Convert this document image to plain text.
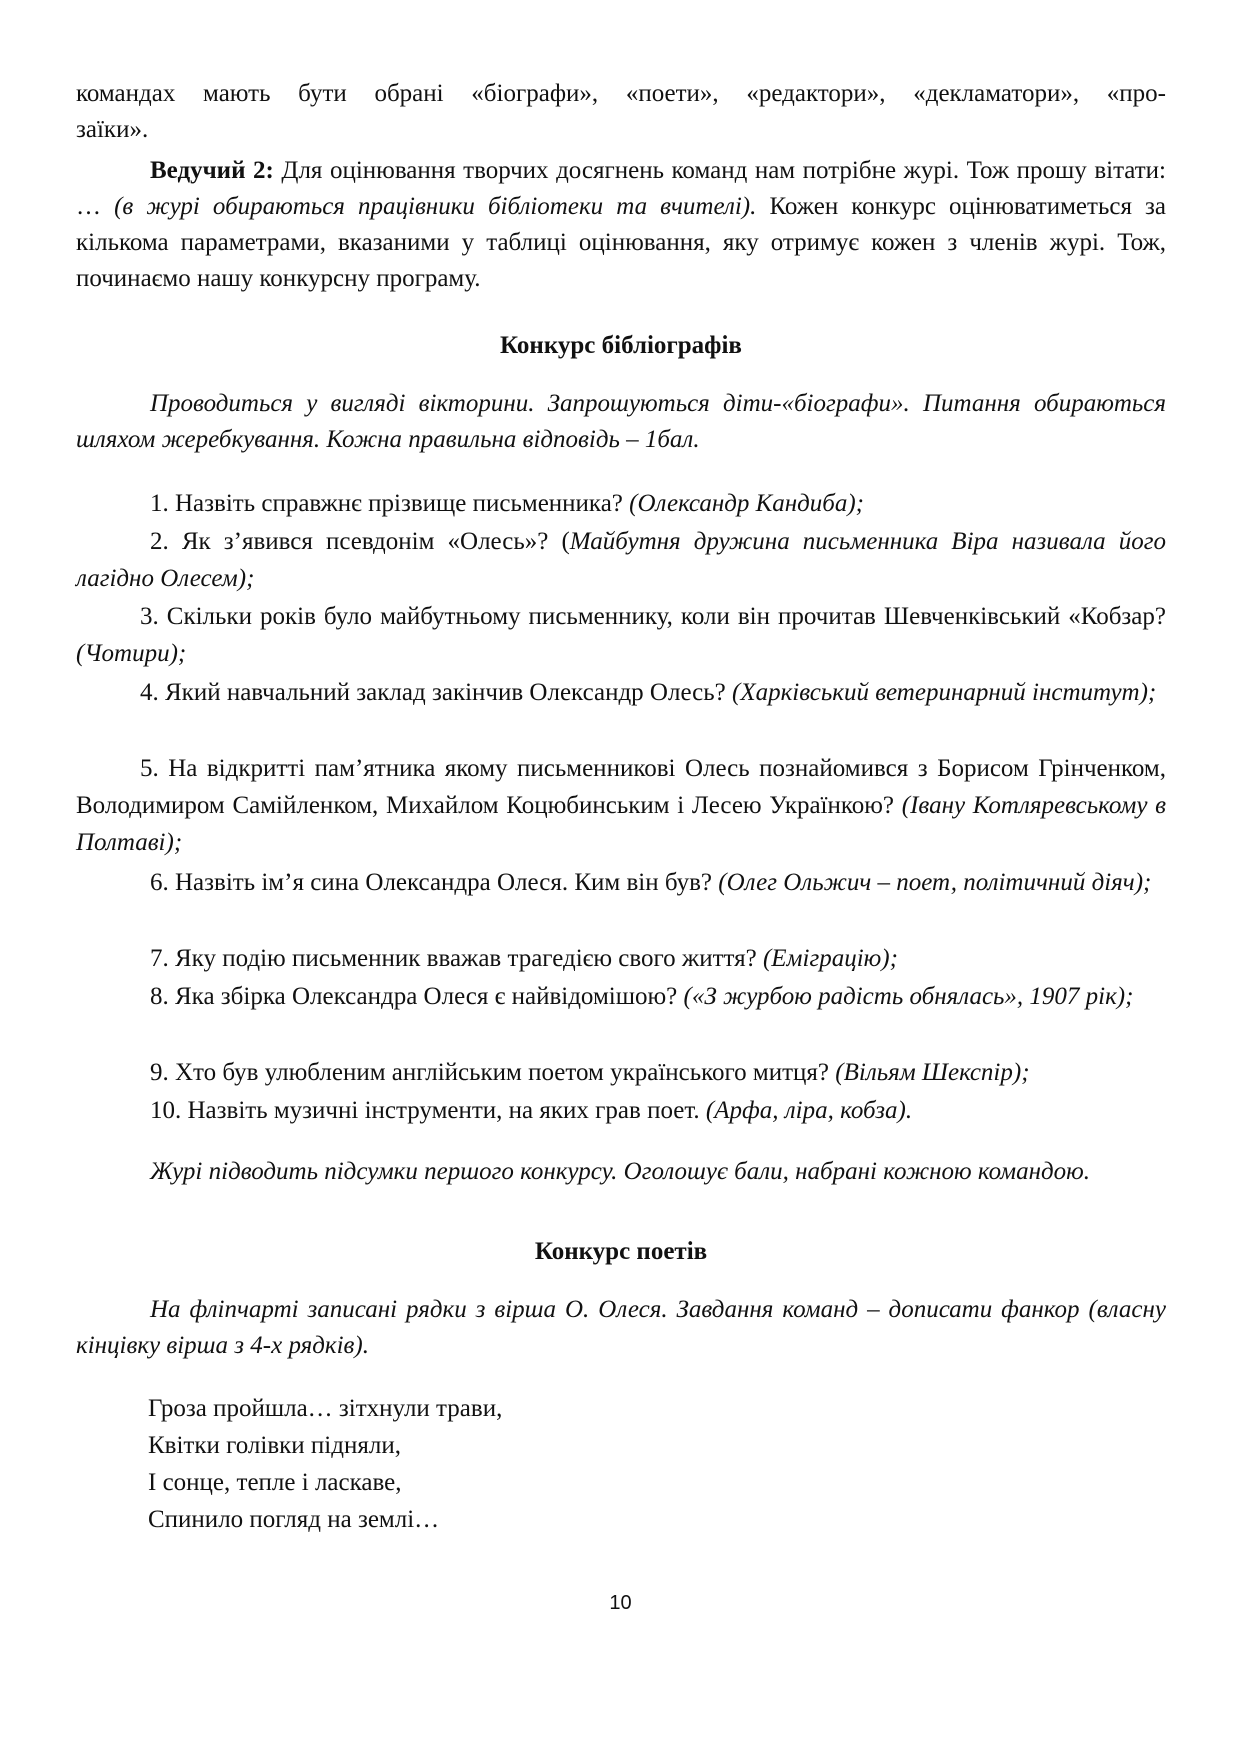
командах мають бути обрані «біографи», «поети», «редактори», «декламатори», «про-
заїки».
Ведучий 2: Для оцінювання творчих досягнень команд нам потрібне журі. Тож прошу вітати: … (в журі обираються працівники бібліотеки та вчителі). Кожен конкурс оцінюватиметься за кількома параметрами, вказаними у таблиці оцінювання, яку отримує кожен з членів журі. Тож, починаємо нашу конкурсну програму.
Конкурс бібліографів
Проводиться у вигляді вікторини. Запрошуються діти-«біографи». Питання обираються шляхом жеребкування. Кожна правильна відповідь – 1бал.
1. Назвіть справжнє прізвище письменника? (Олександр Кандиба);
2. Як з’явився псевдонім «Олесь»? (Майбутня дружина письменника Віра називала його лагідно Олесем);
3. Скільки років було майбутньому письменнику, коли він прочитав Шевченківський «Кобзар? (Чотири);
4. Який навчальний заклад закінчив Олександр Олесь? (Харківський ветеринарний інститут);
5. На відкритті пам’ятника якому письменникові Олесь познайомився з Борисом Грінченком, Володимиром Самійленком, Михайлом Коцюбинським і Лесею Українкою? (Івану Котляревському в Полтаві);
6. Назвіть ім’я сина Олександра Олеся. Ким він був? (Олег Ольжич – поет, політичний діяч);
7. Яку подію письменник вважав трагедією свого життя? (Еміграцію);
8. Яка збірка Олександра Олеся є найвідомішою? («З журбою радість обнялась», 1907 рік);
9. Хто був улюбленим англійським поетом українського митця? (Вільям Шекспір);
10. Назвіть музичні інструменти, на яких грав поет. (Арфа, ліра, кобза).
Журі підводить підсумки першого конкурсу. Оголошує бали, набрані кожною командою.
Конкурс поетів
На фліпчарті записані рядки з вірша О. Олеся. Завдання команд – дописати фанкор (власну кінцівку вірша з 4-х рядків).
Гроза пройшла… зітхнули трави,
Квітки голівки підняли,
І сонце, тепле і ласкаве,
Спинило погляд на землі…
10
